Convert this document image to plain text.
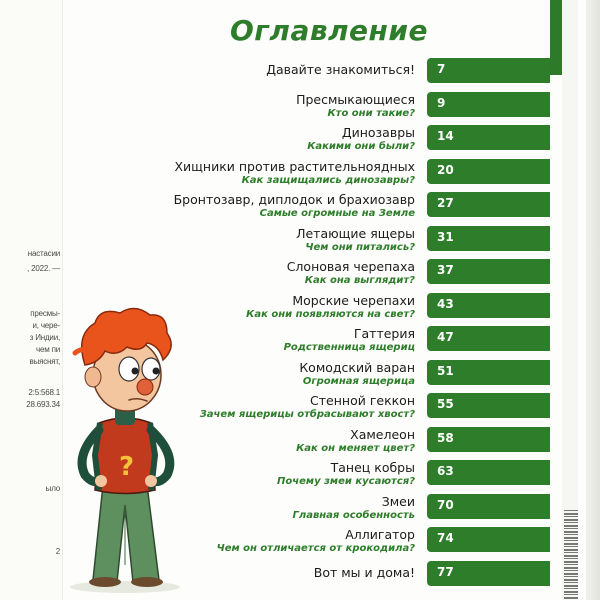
настасии
, 2022. —
пресмы-
и, чере-
з Индии,
чем пи
выяснят,
2:5:568.1
28.693.34
ыло
2
Оглавление
Давайте знакомиться! 7
Пресмыкающиеся
Кто они такие?
9
Динозавры
Какими они были?
14
Хищники против растительноядных
Как защищались динозавры?
20
Бронтозавр, диплодок и брахиозавр
Самые огромные на Земле
27
Летающие ящеры
Чем они питались?
31
Слоновая черепаха
Как она выглядит?
37
Морские черепахи
Как они появляются на свет?
43
Гаттерия
Родственница ящериц
47
Комодский варан
Огромная ящерица
51
Стенной геккон
Зачем ящерицы отбрасывают хвост?
55
Хамелеон
Как он меняет цвет?
58
Танец кобры
Почему змеи кусаются?
63
Змеи
Главная особенность
70
Аллигатор
Чем он отличается от крокодила?
74
Вот мы и дома! 77
?
